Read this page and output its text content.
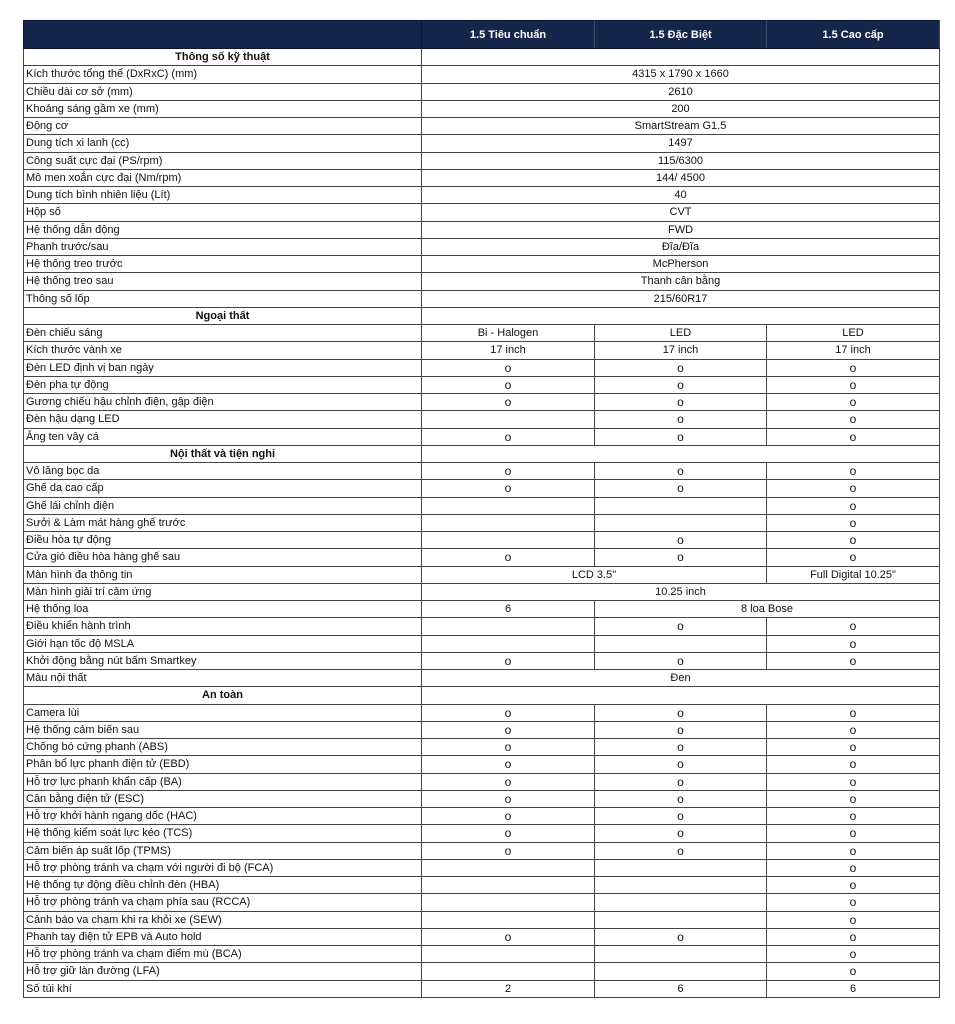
	1.5 Tiêu chuẩn	1.5 Đặc Biệt	1.5 Cao cấp
Thông số kỹ thuật			
Kích thước tổng thể (DxRxC) (mm)	4315 x 1790 x 1660		
Chiều dài cơ sở (mm)	2610		
Khoảng sáng gầm xe (mm)	200		
Động cơ	SmartStream G1.5		
Dung tích xi lanh (cc)	1497		
Công suất cực đại (PS/rpm)	115/6300		
Mô men xoắn cực đại (Nm/rpm)	144/ 4500		
Dung tích bình nhiên liệu (Lít)	40		
Hộp số	CVT		
Hệ thống dẫn động	FWD		
Phanh trước/sau	Đĩa/Đĩa		
Hệ thống treo trước	McPherson		
Hệ thống treo sau	Thanh cân bằng		
Thông số lốp	215/60R17		
Ngoại thất			
Đèn chiếu sáng	Bi - Halogen	LED	LED
Kích thước vành xe	17 inch	17 inch	17 inch
Đèn LED định vị ban ngày	o	o	o
Đèn pha tự động	o	o	o
Gương chiếu hậu chỉnh điện, gập điện	o	o	o
Đèn hậu dạng LED		o	o
Ăng ten vây cá	o	o	o
Nội thất và tiện nghi			
Vô lăng bọc da	o	o	o
Ghế da cao cấp	o	o	o
Ghế lái chỉnh điện			o
Sưởi & Làm mát hàng ghế trước			o
Điều hòa tự động		o	o
Cửa gió điều hòa hàng ghế sau	o	o	o
Màn hình đa thông tin	LCD 3.5"		Full Digital 10.25"
Màn hình giải trí cảm ứng	10.25 inch		
Hệ thống loa	6	8 loa Bose	
Điều khiển hành trình		o	o
Giới hạn tốc độ MSLA			o
Khởi động bằng nút bấm Smartkey	o	o	o
Màu nội thất	Đen		
An toàn			
Camera lùi	o	o	o
Hệ thống cảm biến sau	o	o	o
Chống bó cứng phanh (ABS)	o	o	o
Phân bổ lực phanh điện tử (EBD)	o	o	o
Hỗ trợ lực phanh khẩn cấp (BA)	o	o	o
Cân bằng điện tử (ESC)	o	o	o
Hỗ trợ khởi hành ngang dốc (HAC)	o	o	o
Hệ thống kiểm soát lực kéo (TCS)	o	o	o
Cảm biến áp suất lốp (TPMS)	o	o	o
Hỗ trợ phòng tránh va chạm với người đi bộ (FCA)			o
Hệ thống tự động điều chỉnh đèn (HBA)			o
Hỗ trợ phòng tránh va chạm phía sau (RCCA)			o
Cảnh báo va chạm khi ra khỏi xe (SEW)			o
Phanh tay điện tử EPB và Auto hold	o	o	o
Hỗ trợ phòng tránh va chạm điểm mù (BCA)			o
Hỗ trợ giữ làn đường (LFA)			o
Số túi khí	2	6	6
